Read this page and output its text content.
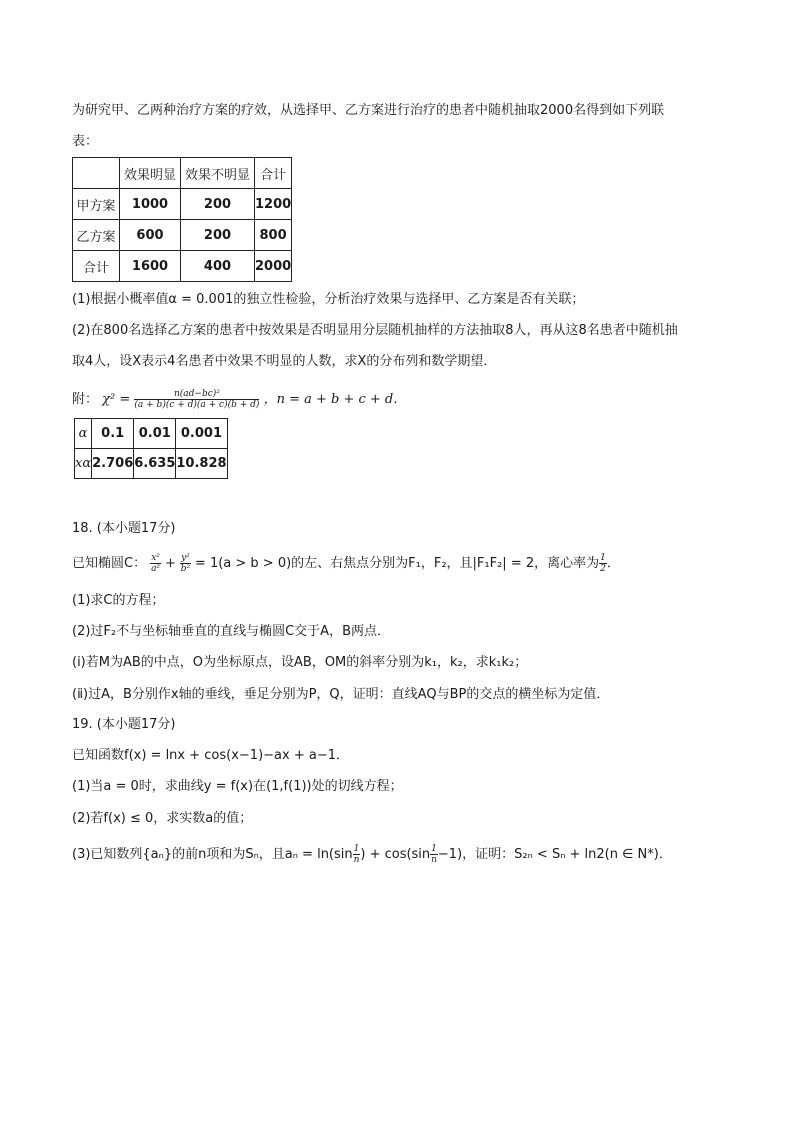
为研究甲、乙两种治疗方案的疗效，从选择甲、乙方案进行治疗的患者中随机抽取2000名得到如下列联
表：
	效果明显	效果不明显	合计
甲方案	1000	200	1200
乙方案	600	200	800
合计	1600	400	2000
(1)根据小概率值α = 0.001的独立性检验，分析治疗效果与选择甲、乙方案是否有关联；
(2)在800名选择乙方案的患者中按效果是否明显用分层随机抽样的方法抽取8人，再从这8名患者中随机抽
取4人，设X表示4名患者中效果不明显的人数，求X的分布列和数学期望．
附： $\chi^2 = \frac{\text{n(ad−bc)²}}{(a + b)(c + d)(a + c)(b + d)}$ ，n = a + b + c + d．
α	0.1	0.01	0.001
xα	2.706	6.635	10.828
18. (本小题17分)
已知椭圆C： $\frac{\text{x²}}{\text{a²}} + \frac{\text{y²}}{\text{b²}} = 1(a > b > 0)$的左、右焦点分别为F₁，F₂，且|F₁F₂| = 2，离心率为 $\frac{1}{2}$ ．
(1)求C的方程；
(2)过F₂不与坐标轴垂直的直线与椭圆C交于A，B两点．
(i)若M为AB的中点，O为坐标原点，设AB，OM的斜率分别为k₁，k₂，求k₁k₂；
(ⅱ)过A，B分别作x轴的垂线，垂足分别为P，Q，证明：直线AQ与BP的交点的横坐标为定值．
19. (本小题17分)
已知函数f(x) = lnx + cos(x−1)−ax + a−1．
(1)当a = 0时，求曲线y = f(x)在(1,f(1))处的切线方程；
(2)若f(x) ≤ 0，求实数a的值；
(3)已知数列{aₙ}的前n项和为Sₙ，且$a_n = \ln(\sin \frac{1}{n}$ ) + $\cos(\sin \frac{1}{n} -1)$，证明：S₂ₙ < Sₙ + ln2(n ∈ N*)．
